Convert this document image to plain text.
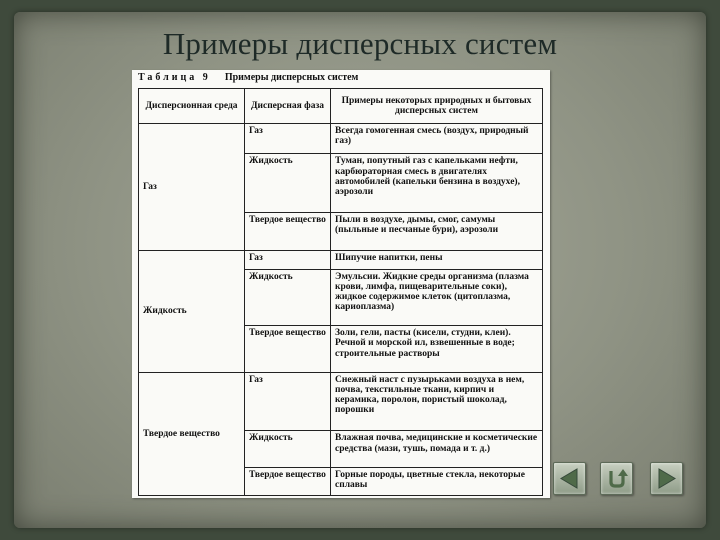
Примеры дисперсных систем
Таблица 9 Примеры дисперсных систем
Дисперсионная среда	Дисперсная фаза	Примеры некоторых природных и бытовых дисперсных систем
Газ	Газ	Всегда гомогенная смесь (воздух, природный газ)
	Жидкость	Туман, попутный газ с капельками нефти, карбюраторная смесь в двигателях автомобилей (капельки бензина в воздухе), аэрозоли
	Твердое вещество	Пыли в воздухе, дымы, смог, самумы (пыльные и песчаные бури), аэрозоли
Жидкость	Газ	Шипучие напитки, пены
	Жидкость	Эмульсии. Жидкие среды организма (плазма крови, лимфа, пищеварительные соки), жидкое содержимое клеток (цитоплазма, кариоплазма)
	Твердое вещество	Золи, гели, пасты (кисели, студни, клеи). Речной и морской ил, взвешенные в воде; строительные растворы
Твердое вещество	Газ	Снежный наст с пузырьками воздуха в нем, почва, текстильные ткани, кирпич и керамика, поролон, пористый шоколад, порошки
	Жидкость	Влажная почва, медицинские и косметические средства (мази, тушь, помада и т. д.)
	Твердое вещество	Горные породы, цветные стекла, некоторые сплавы
